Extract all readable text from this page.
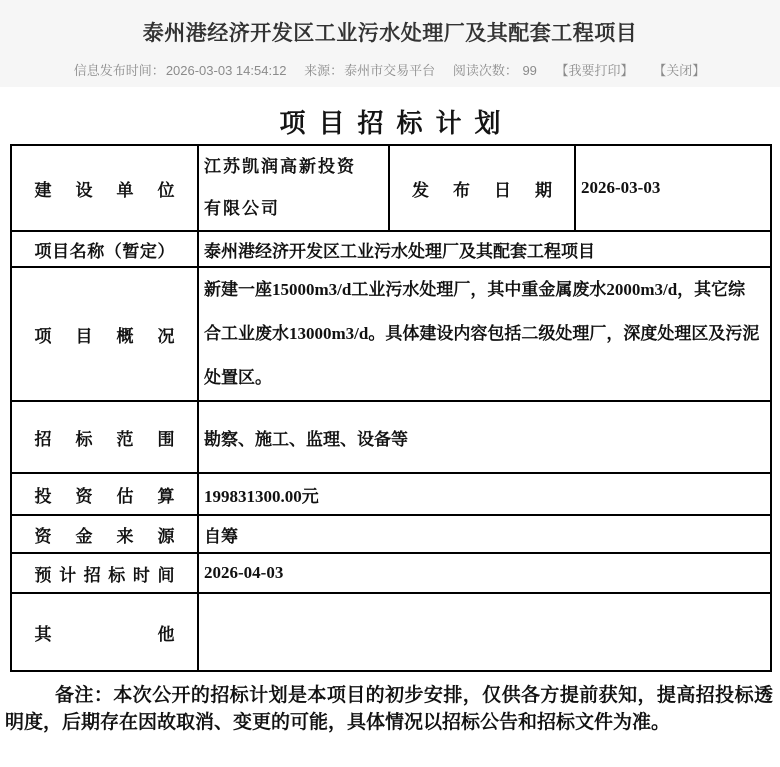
泰州港经济开发区工业污水处理厂及其配套工程项目
信息发布时间：2026-03-03 14:54:12 来源：泰州市交易平台 阅读次数： 99 【我要打印】 【关闭】
项目招标计划
建设单位	江苏凯润高新投资有限公司	发布日期	2026-03-03
项目名称（暂定）	泰州港经济开发区工业污水处理厂及其配套工程项目		
项目概况	新建一座15000m3/d工业污水处理厂，其中重金属废水2000m3/d，其它综合工业废水13000m3/d。具体建设内容包括二级处理厂，深度处理区及污泥处置区。		
招标范围	勘察、施工、监理、设备等		
投资估算	199831300.00元		
资金来源	自筹		
预计招标时间	2026-04-03		
其他			

备注：本次公开的招标计划是本项目的初步安排，仅供各方提前获知，提高招投标透明度，后期存在因故取消、变更的可能，具体情况以招标公告和招标文件为准。
